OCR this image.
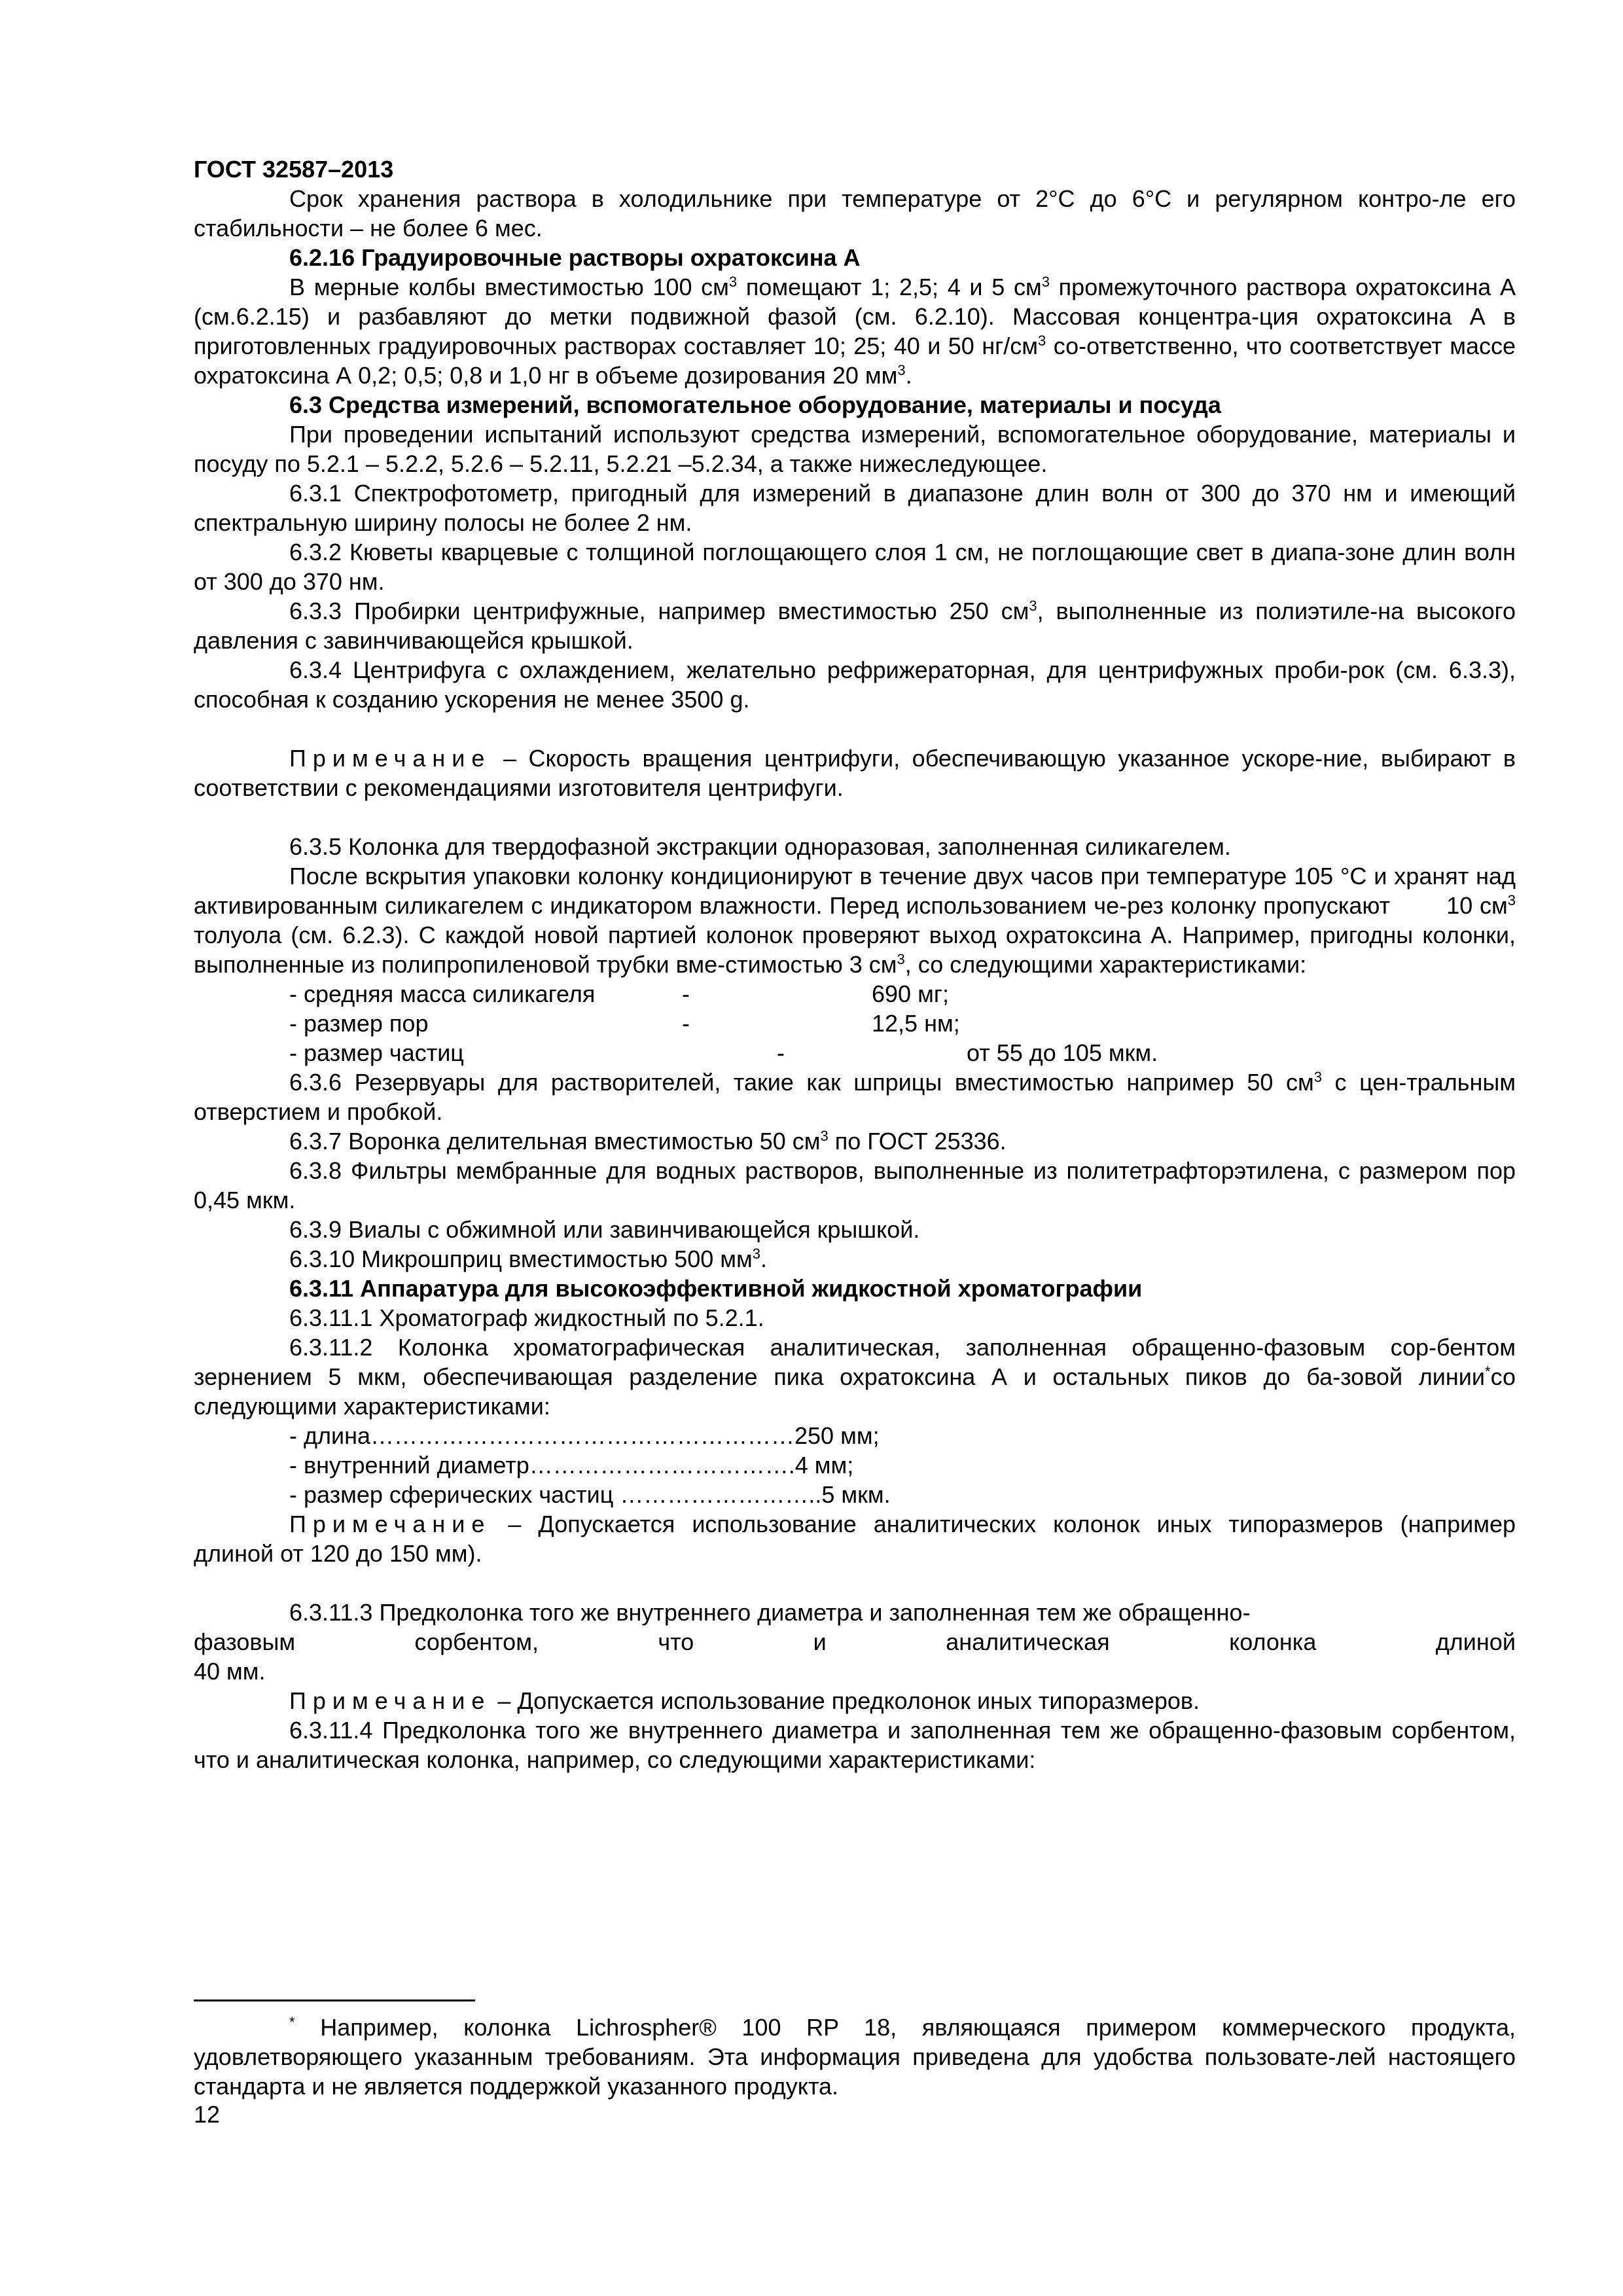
ГОСТ 32587–2013

Срок хранения раствора в холодильнике при температуре от 2°С до 6°С и регулярном контро-ле его стабильности – не более 6 мес.

6.2.16 Градуировочные растворы охратоксина А

В мерные колбы вместимостью 100 $см^3$ помещают 1; 2,5; 4 и 5 $см^3$ промежуточного раствора охратоксина А (см.6.2.15) и разбавляют до метки подвижной фазой (см. 6.2.10). Массовая концентра-ция охратоксина А в приготовленных градуировочных растворах составляет 10; 25; 40 и 50 $нг/см^3$ со-ответственно, что соответствует массе охратоксина А 0,2; 0,5; 0,8 и 1,0 нг в объеме дозирования 20 $мм^3$.

6.3 Средства измерений, вспомогательное оборудование, материалы и посуда

При проведении испытаний используют средства измерений, вспомогательное оборудование, материалы и посуду по 5.2.1 – 5.2.2, 5.2.6 – 5.2.11, 5.2.21 –5.2.34, а также нижеследующее.

6.3.1 Спектрофотометр, пригодный для измерений в диапазоне длин волн от 300 до 370 нм и имеющий спектральную ширину полосы не более 2 нм.

6.3.2 Кюветы кварцевые с толщиной поглощающего слоя 1 см, не поглощающие свет в диапа-зоне длин волн от 300 до 370 нм.

6.3.3 Пробирки центрифужные, например вместимостью 250 $см^3$, выполненные из полиэтиле-на высокого давления с завинчивающейся крышкой.

6.3.4 Центрифуга с охлаждением, желательно рефрижераторная, для центрифужных проби-рок (см. 6.3.3), способная к созданию ускорения не менее 3500 g.

Примечание – Скорость вращения центрифуги, обеспечивающую указанное ускоре-ние, выбирают в соответствии с рекомендациями изготовителя центрифуги.

6.3.5 Колонка для твердофазной экстракции одноразовая, заполненная силикагелем.

После вскрытия упаковки колонку кондиционируют в течение двух часов при температуре 105 °С и хранят над активированным силикагелем с индикатором влажности. Перед использованием че-рез колонку пропускают        10 $см^3$ толуола (см. 6.2.3). С каждой новой партией колонок проверяют выход охратоксина А. Например, пригодны колонки, выполненные из полипропиленовой трубки вме-стимостью 3 $см^3$, со следующими характеристиками:

- средняя масса силикагеля	-	690 мг;
- размер пор	-	12,5 нм;
- размер частиц	-	от 55 до 105 мкм.

6.3.6 Резервуары для растворителей, такие как шприцы вместимостью например 50 $см^3$ с цен-тральным отверстием и пробкой.

6.3.7 Воронка делительная вместимостью 50 $см^3$ по ГОСТ 25336.

6.3.8 Фильтры мембранные для водных растворов, выполненные из политетрафторэтилена, с размером пор 0,45 мкм.

6.3.9 Виалы с обжимной или завинчивающейся крышкой.

6.3.10 Микрошприц вместимостью 500 $мм^3$.

6.3.11 Аппаратура для высокоэффективной жидкостной хроматографии

6.3.11.1 Хроматограф жидкостный по 5.2.1.

6.3.11.2 Колонка хроматографическая аналитическая, заполненная обращенно-фазовым сор-бентом зернением 5 мкм, обеспечивающая разделение пика охратоксина А и остальных пиков до ба-зовой линии*со следующими характеристиками:

- длина………………………………………………250 мм;

- внутренний диаметр…………………………….4 мм;

- размер сферических частиц ……………………..5 мкм.

Примечание – Допускается использование аналитических колонок иных типоразмеров (например длиной от 120 до 150 мм).

6.3.11.3 Предколонка того же внутреннего диаметра и заполненная тем же обращенно-

фазовым	сорбентом,	что	и	аналитическая	колонка	длиной

40 мм.

Примечание – Допускается использование предколонок иных типоразмеров.

6.3.11.4 Предколонка того же внутреннего диаметра и заполненная тем же обращенно-фазовым сорбентом, что и аналитическая колонка, например, со следующими характеристиками:

* Например, колонка Lichrospher® 100 RP 18, являющаяся примером коммерческого продукта, удовлетворяющего указанным требованиям. Эта информация приведена для удобства пользовате-лей настоящего стандарта и не является поддержкой указанного продукта.

12
